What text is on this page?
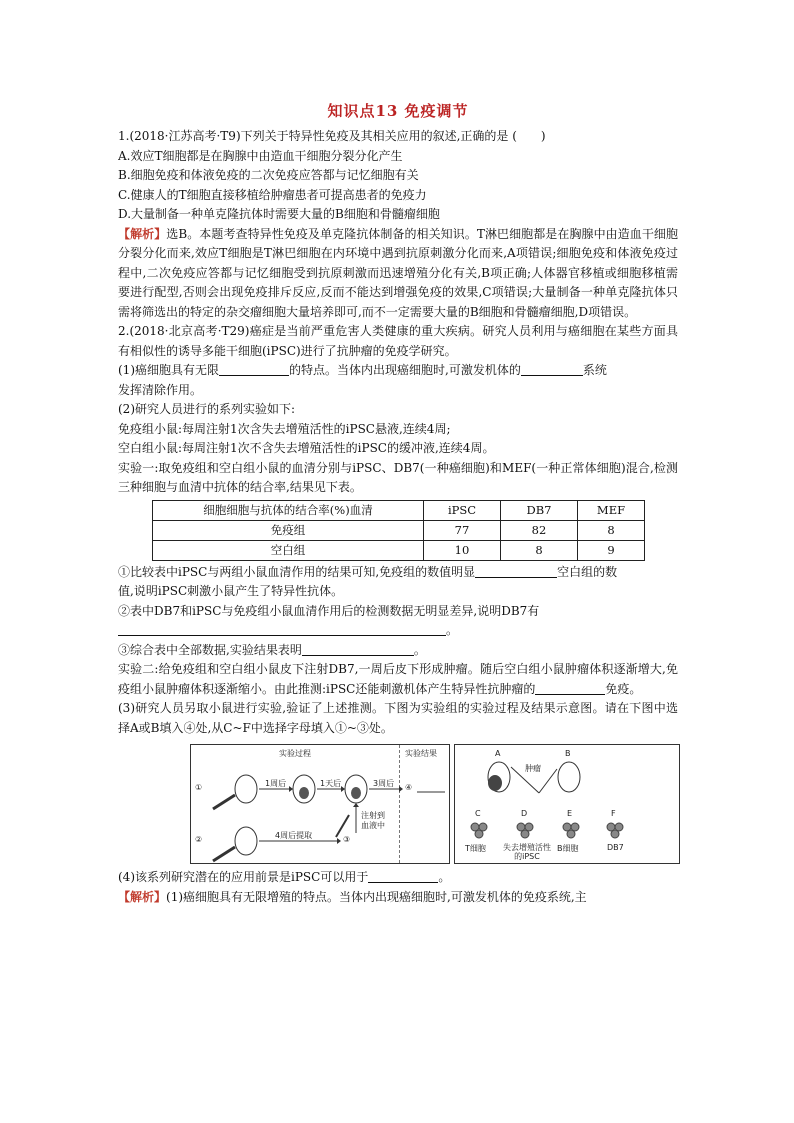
知识点13 免疫调节
1.(2018·江苏高考·T9)下列关于特异性免疫及其相关应用的叙述,正确的是 (　　)
A.效应T细胞都是在胸腺中由造血干细胞分裂分化产生
B.细胞免疫和体液免疫的二次免疫应答都与记忆细胞有关
C.健康人的T细胞直接移植给肿瘤患者可提高患者的免疫力
D.大量制备一种单克隆抗体时需要大量的B细胞和骨髓瘤细胞
【解析】选B。本题考查特异性免疫及单克隆抗体制备的相关知识。T淋巴细胞都是在胸腺中由造血干细胞分裂分化而来,效应T细胞是T淋巴细胞在内环境中遇到抗原刺激分化而来,A项错误;细胞免疫和体液免疫过程中,二次免疫应答都与记忆细胞受到抗原刺激而迅速增殖分化有关,B项正确;人体器官移植或细胞移植需要进行配型,否则会出现免疫排斥反应,反而不能达到增强免疫的效果,C项错误;大量制备一种单克隆抗体只需将筛选出的特定的杂交瘤细胞大量培养即可,而不一定需要大量的B细胞和骨髓瘤细胞,D项错误。
2.(2018·北京高考·T29)癌症是当前严重危害人类健康的重大疾病。研究人员利用与癌细胞在某些方面具有相似性的诱导多能干细胞(iPSC)进行了抗肿瘤的免疫学研究。
(1)癌细胞具有无限	的特点。当体内出现癌细胞时,可激发机体的	系统
发挥清除作用。
(2)研究人员进行的系列实验如下:
免疫组小鼠:每周注射1次含失去增殖活性的iPSC悬液,连续4周;
空白组小鼠:每周注射1次不含失去增殖活性的iPSC的缓冲液,连续4周。
实验一:取免疫组和空白组小鼠的血清分别与iPSC、DB7(一种癌细胞)和MEF(一种正常体细胞)混合,检测三种细胞与血清中抗体的结合率,结果见下表。
细胞细胞与抗体的结合率(%)血清	iPSC	DB7	MEF
免疫组	77	82	8
空白组	10	8	9
①比较表中iPSC与两组小鼠血清作用的结果可知,免疫组的数值明显	空白组的数
值,说明iPSC刺激小鼠产生了特异性抗体。
②表中DB7和iPSC与免疫组小鼠血清作用后的检测数据无明显差异,说明DB7有
。
③综合表中全部数据,实验结果表明	。
实验二:给免疫组和空白组小鼠皮下注射DB7,一周后皮下形成肿瘤。随后空白组小鼠肿瘤体积逐渐增大,免疫组小鼠肿瘤体积逐渐缩小。由此推测:iPSC还能刺激机体产生特异性抗肿瘤的	免疫。
(3)研究人员另取小鼠进行实验,验证了上述推测。下图为实验组的实验过程及结果示意图。请在下图中选择A或B填入④处,从C~F中选择字母填入①~③处。
实验过程	实验结果
①
②	③
④
1周后	1天后	3周后
4周后提取
注射到血液中
A	B
肿瘤
C	D	E	F
T细胞 失去增殖活性的iPSC
B细胞	DB7
(4)该系列研究潜在的应用前景是iPSC可以用于	。
【解析】(1)癌细胞具有无限增殖的特点。当体内出现癌细胞时,可激发机体的免疫系统,主
